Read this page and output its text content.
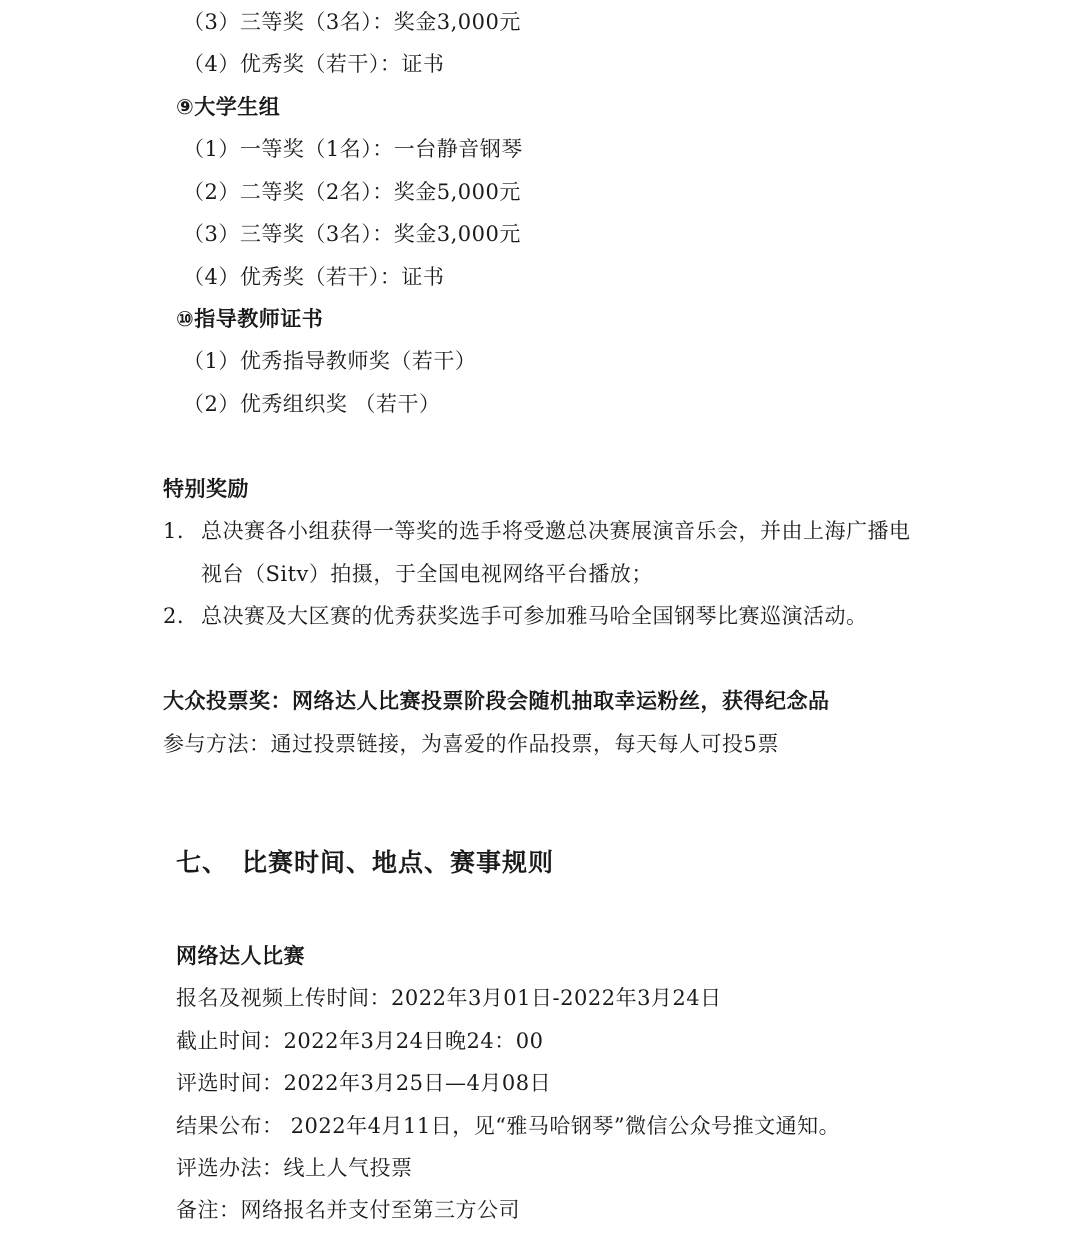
（3）三等奖（3名）：奖金3,000元
（4）优秀奖（若干）：证书
⑨大学生组
（1）一等奖（1名）：一台静音钢琴
（2）二等奖（2名）：奖金5,000元
（3）三等奖（3名）：奖金3,000元
（4）优秀奖（若干）：证书
⑩指导教师证书
（1）优秀指导教师奖（若干）
（2）优秀组织奖 （若干）
特别奖励
1. 总决赛各小组获得一等奖的选手将受邀总决赛展演音乐会，并由上海广播电
视台（Sitv）拍摄，于全国电视网络平台播放；
2. 总决赛及大区赛的优秀获奖选手可参加雅马哈全国钢琴比赛巡演活动。
大众投票奖：网络达人比赛投票阶段会随机抽取幸运粉丝，获得纪念品
参与方法：通过投票链接，为喜爱的作品投票，每天每人可投5票
七、 比赛时间、地点、赛事规则
网络达人比赛
报名及视频上传时间：2022年3月01日-2022年3月24日
截止时间：2022年3月24日晚24：00
评选时间：2022年3月25日—4月08日
结果公布： 2022年4月11日，见“雅马哈钢琴”微信公众号推文通知。
评选办法：线上人气投票
备注：网络报名并支付至第三方公司
